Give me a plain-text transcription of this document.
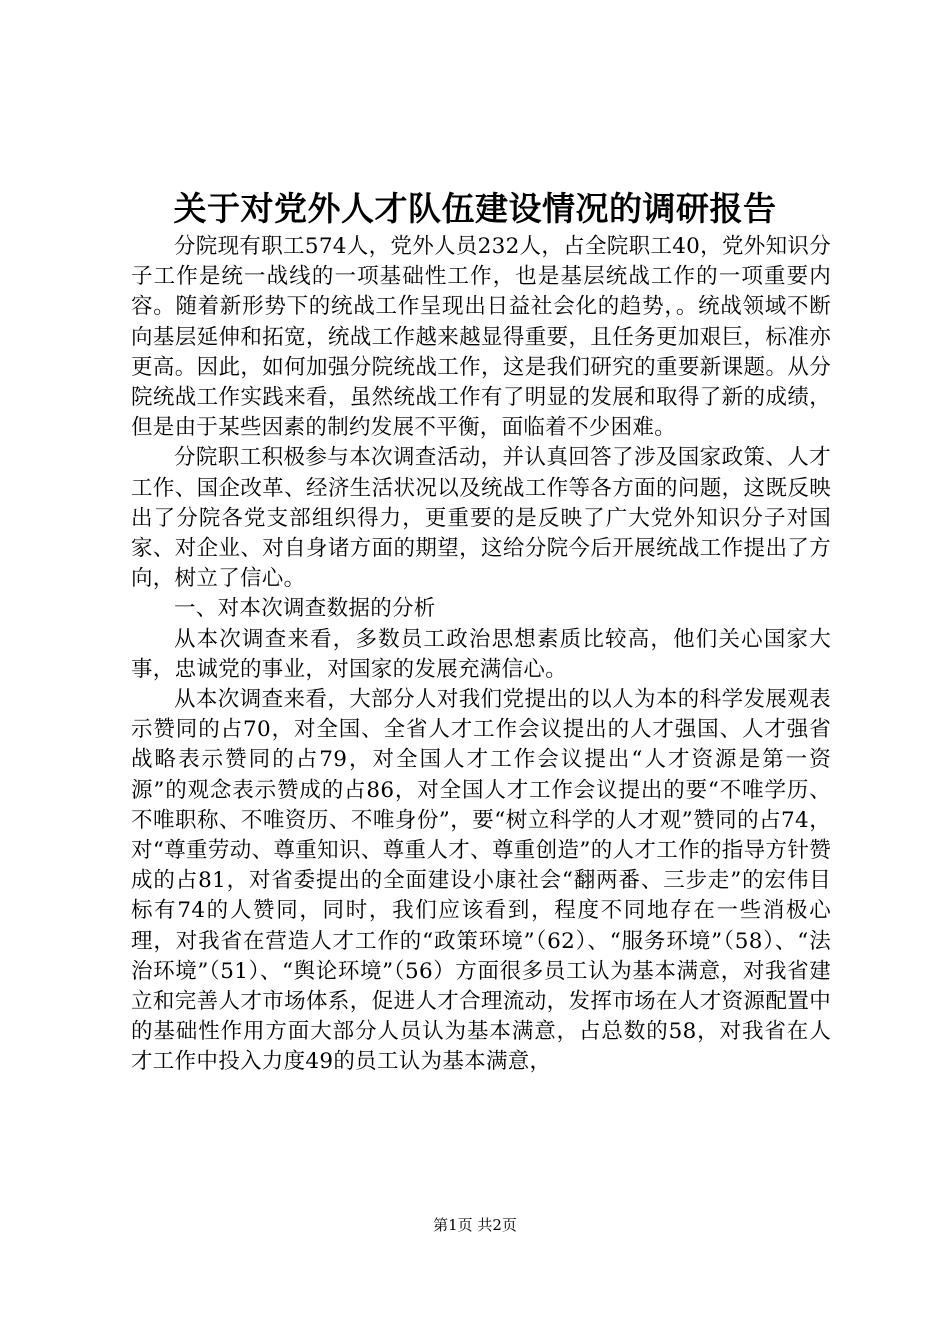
关于对党外人才队伍建设情况的调研报告

分院现有职工574人，党外人员232人，占全院职工40，党外知识分子工作是统一战线的一项基础性工作，也是基层统战工作的一项重要内容。随着新形势下的统战工作呈现出日益社会化的趋势，。统战领域不断向基层延伸和拓宽，统战工作越来越显得重要，且任务更加艰巨，标准亦更高。因此，如何加强分院统战工作，这是我们研究的重要新课题。从分院统战工作实践来看，虽然统战工作有了明显的发展和取得了新的成绩，但是由于某些因素的制约发展不平衡，面临着不少困难。

分院职工积极参与本次调查活动，并认真回答了涉及国家政策、人才工作、国企改革、经济生活状况以及统战工作等各方面的问题，这既反映出了分院各党支部组织得力，更重要的是反映了广大党外知识分子对国家、对企业、对自身诸方面的期望，这给分院今后开展统战工作提出了方向，树立了信心。

一、对本次调查数据的分析

从本次调查来看，多数员工政治思想素质比较高，他们关心国家大事，忠诚党的事业，对国家的发展充满信心。

从本次调查来看，大部分人对我们党提出的以人为本的科学发展观表示赞同的占70，对全国、全省人才工作会议提出的人才强国、人才强省战略表示赞同的占79，对全国人才工作会议提出“人才资源是第一资源”的观念表示赞成的占86，对全国人才工作会议提出的要“不唯学历、不唯职称、不唯资历、不唯身份”，要“树立科学的人才观”赞同的占74，对“尊重劳动、尊重知识、尊重人才、尊重创造”的人才工作的指导方针赞成的占81，对省委提出的全面建设小康社会“翻两番、三步走”的宏伟目标有74的人赞同，同时，我们应该看到，程度不同地存在一些消极心理，对我省在营造人才工作的“政策环境”（62）、“服务环境”（58）、“法治环境”（51）、“舆论环境”（56）方面很多员工认为基本满意，对我省建立和完善人才市场体系，促进人才合理流动，发挥市场在人才资源配置中的基础性作用方面大部分人员认为基本满意，占总数的58，对我省在人才工作中投入力度49的员工认为基本满意，

第1页 共2页
